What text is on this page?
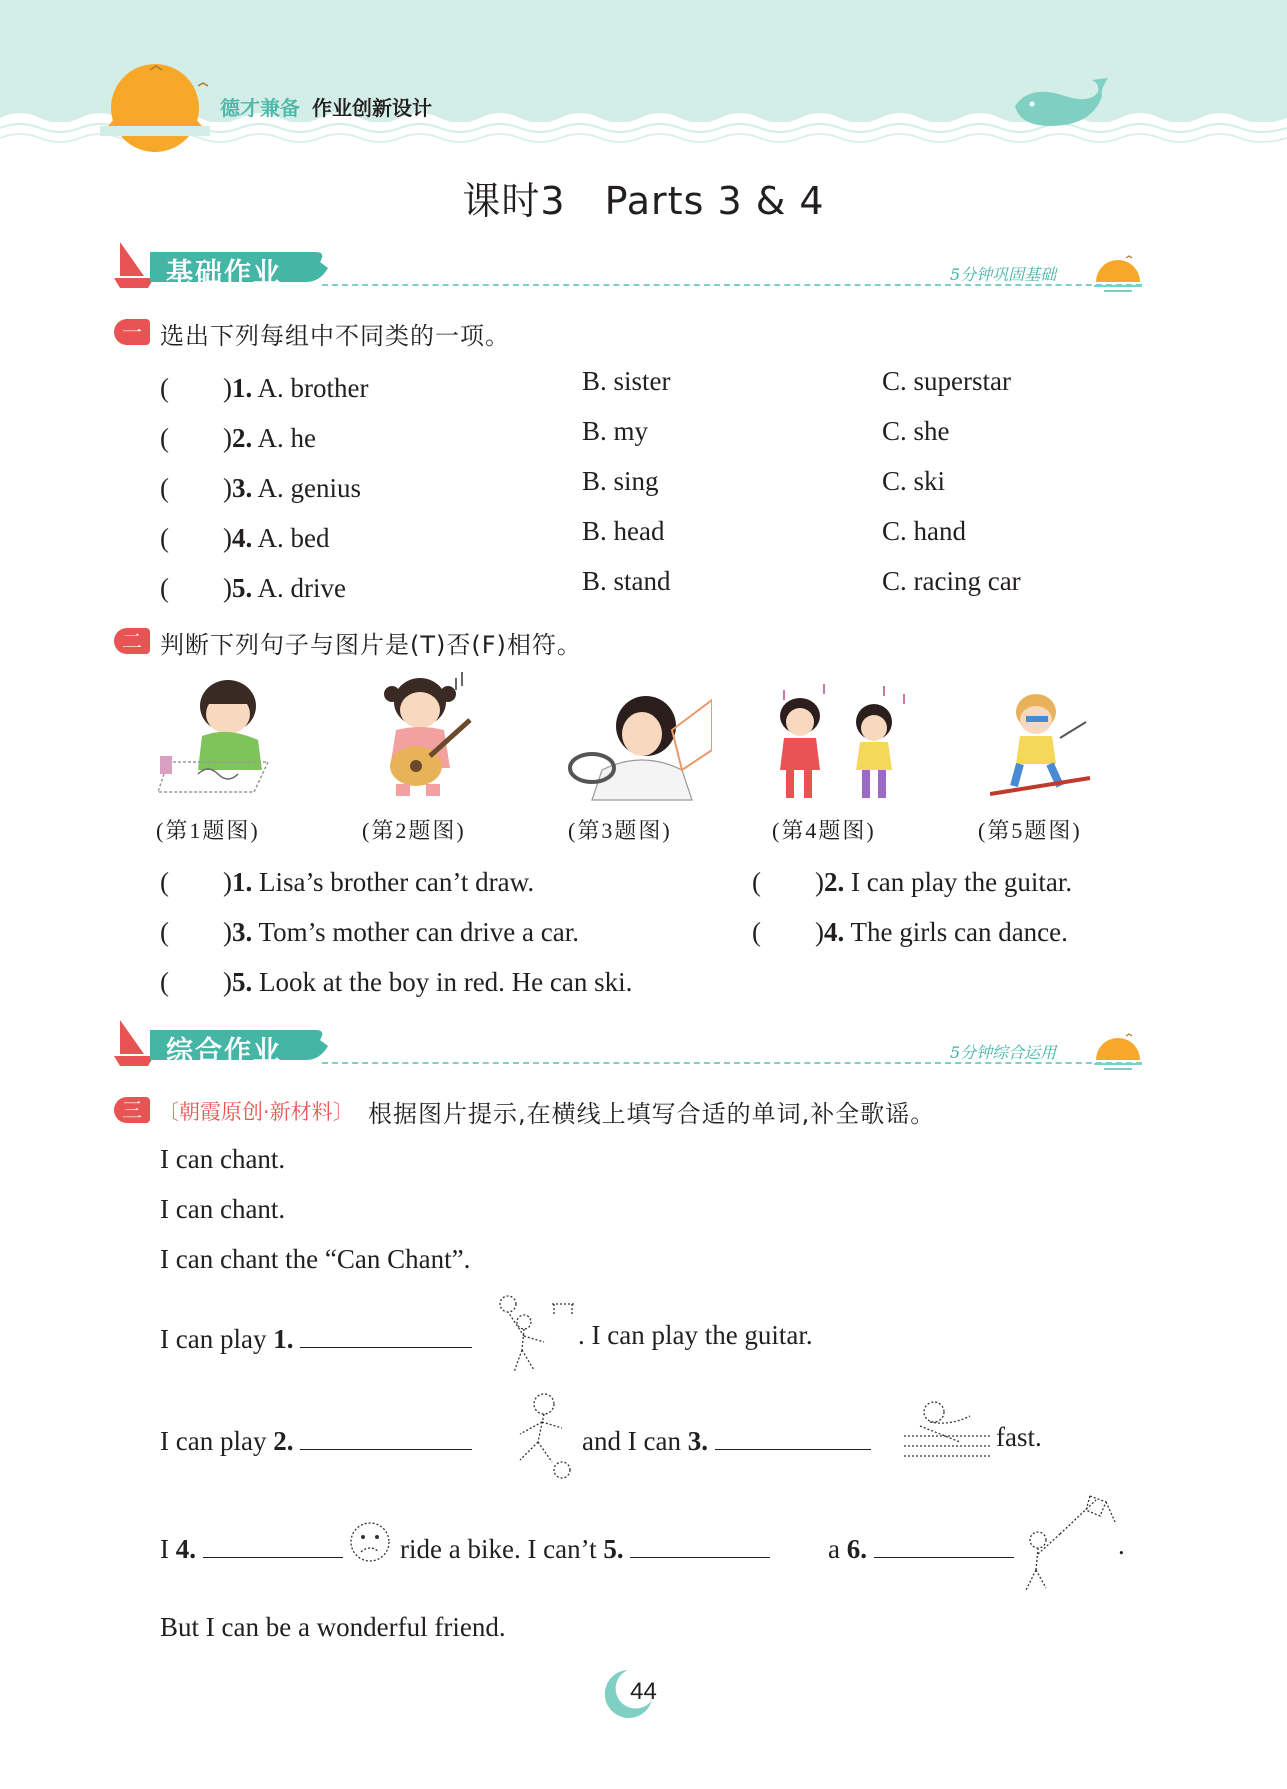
德才兼备 作业创新设计
课时3　Parts 3 & 4
基础作业	5分钟巩固基础
一 选出下列每组中不同类的一项。
(　　)1. A. brother	B. sister	C. superstar
(　　)2. A. he	B. my	C. she
(　　)3. A. genius	B. sing	C. ski
(　　)4. A. bed	B. head	C. hand
(　　)5. A. drive	B. stand	C. racing car
二 判断下列句子与图片是(T)否(F)相符。
(第1题图)	(第2题图)	(第3题图)	(第4题图)	(第5题图)
(　　)1. Lisa’s brother can’t draw.	(　　)2. I can play the guitar.
(　　)3. Tom’s mother can drive a car.	(　　)4. The girls can dance.
(　　)5. Look at the boy in red. He can ski.
综合作业	5分钟综合运用
三 〔朝霞原创·新材料〕 根据图片提示,在横线上填写合适的单词,补全歌谣。
I can chant.
I can chant.
I can chant the “Can Chant”.
I can play 1.	. I can play the guitar.
I can play 2.	and I can 3.	fast.
I 4.	ride a bike. I can’t 5.	a 6.	.
But I can be a wonderful friend.
44
